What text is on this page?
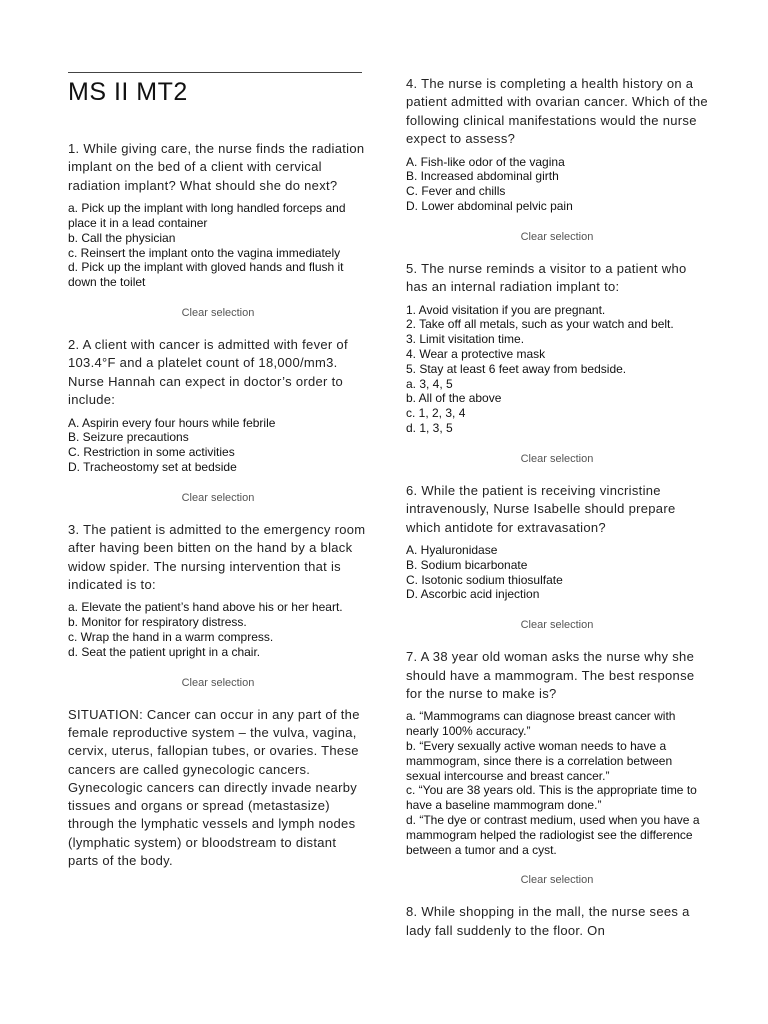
MS II MT2

1. While giving care, the nurse finds the radiation implant on the bed of a client with cervical radiation implant? What should she do next?

a. Pick up the implant with long handled forceps and place it in a lead container
b. Call the physician
c. Reinsert the implant onto the vagina immediately
d. Pick up the implant with gloved hands and flush it down the toilet
Clear selection

2. A client with cancer is admitted with fever of 103.4°F and a platelet count of 18,000/mm3. Nurse Hannah can expect in doctor’s order to include:

A. Aspirin every four hours while febrile
B. Seizure precautions
C. Restriction in some activities
D. Tracheostomy set at bedside
Clear selection

3. The patient is admitted to the emergency room after having been bitten on the hand by a black widow spider. The nursing intervention that is indicated is to:

a. Elevate the patient’s hand above his or her heart.
b. Monitor for respiratory distress.
c. Wrap the hand in a warm compress.
d. Seat the patient upright in a chair.
Clear selection

SITUATION: Cancer can occur in any part of the female reproductive system – the vulva, vagina, cervix, uterus, fallopian tubes, or ovaries. These cancers are called gynecologic cancers. Gynecologic cancers can directly invade nearby tissues and organs or spread (metastasize) through the lymphatic vessels and lymph nodes (lymphatic system) or bloodstream to distant parts of the body.

4. The nurse is completing a health history on a patient admitted with ovarian cancer. Which of the following clinical manifestations would the nurse expect to assess?

A. Fish-like odor of the vagina
B. Increased abdominal girth
C. Fever and chills
D. Lower abdominal pelvic pain
Clear selection

5. The nurse reminds a visitor to a patient who has an internal radiation implant to:

1. Avoid visitation if you are pregnant.
2. Take off all metals, such as your watch and belt.
3. Limit visitation time.
4. Wear a protective mask
5. Stay at least 6 feet away from bedside.
a. 3, 4, 5
b. All of the above
c. 1, 2, 3, 4
d. 1, 3, 5
Clear selection

6. While the patient is receiving vincristine intravenously, Nurse Isabelle should prepare which antidote for extravasation?

A. Hyaluronidase
B. Sodium bicarbonate
C. Isotonic sodium thiosulfate
D. Ascorbic acid injection
Clear selection

7. A 38 year old woman asks the nurse why she should have a mammogram. The best response for the nurse to make is?

a. “Mammograms can diagnose breast cancer with nearly 100% accuracy.”
b. “Every sexually active woman needs to have a mammogram, since there is a correlation between sexual intercourse and breast cancer.”
c. “You are 38 years old. This is the appropriate time to have a baseline mammogram done.”
d. “The dye or contrast medium, used when you have a mammogram helped the radiologist see the difference between a tumor and a cyst.
Clear selection

8. While shopping in the mall, the nurse sees a lady fall suddenly to the floor. On
